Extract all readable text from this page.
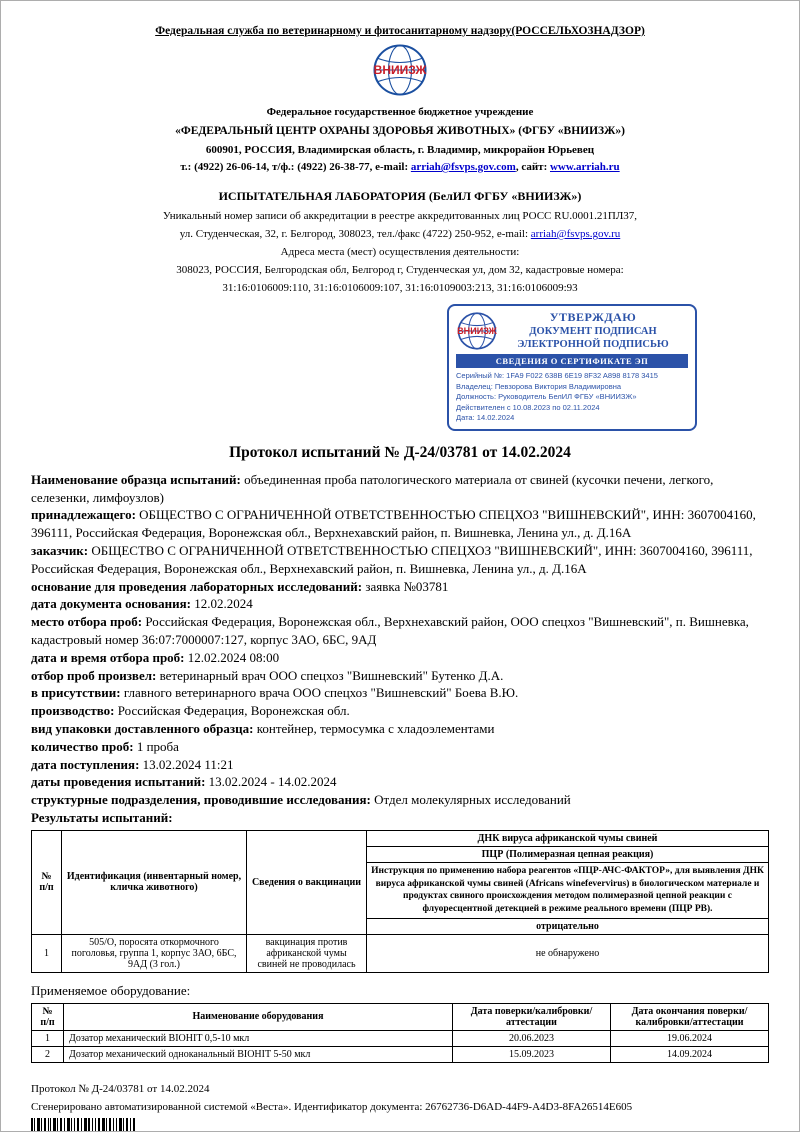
Федеральная служба по ветеринарному и фитосанитарному надзору(РОССЕЛЬХОЗНАДЗОР)
ВНИИЗЖ
Федеральное государственное бюджетное учреждение
«ФЕДЕРАЛЬНЫЙ ЦЕНТР ОХРАНЫ ЗДОРОВЬЯ ЖИВОТНЫХ» (ФГБУ «ВНИИЗЖ»)
600901, РОССИЯ, Владимирская область, г. Владимир, микрорайон Юрьевец
т.: (4922) 26-06-14, т/ф.: (4922) 26-38-77, e-mail: arriah@fsvps.gov.com, сайт: www.arriah.ru
ИСПЫТАТЕЛЬНАЯ ЛАБОРАТОРИЯ (БелИЛ ФГБУ «ВНИИЗЖ»)
Уникальный номер записи об аккредитации в реестре аккредитованных лиц РОСС RU.0001.21ПЛ37,
ул. Студенческая, 32, г. Белгород, 308023, тел./факс (4722) 250-952, e-mail: arriah@fsvps.gov.ru
Адреса места (мест) осуществления деятельности:
308023, РОССИЯ, Белгородская обл, Белгород г, Студенческая ул, дом 32, кадастровые номера:
31:16:0106009:110, 31:16:0106009:107, 31:16:0109003:213, 31:16:0106009:93
ВНИИЗЖ
УТВЕРЖДАЮ
ДОКУМЕНТ ПОДПИСАН
ЭЛЕКТРОННОЙ ПОДПИСЬЮ
СВЕДЕНИЯ О СЕРТИФИКАТЕ ЭП
Серийный №: 1FA9 F022 638B 6E19 8F32 A898 8178 3415
Владелец: Певзорова Виктория Владимировна
Должность: Руководитель БелИЛ ФГБУ «ВНИИЗЖ»
Действителен с 10.08.2023 по 02.11.2024
Дата: 14.02.2024
Протокол испытаний № Д-24/03781 от 14.02.2024

Наименование образца испытаний: объединенная проба патологического материала от свиней (кусочки печени, легкого, селезенки, лимфоузлов)

принадлежащего: ОБЩЕСТВО С ОГРАНИЧЕННОЙ ОТВЕТСТВЕННОСТЬЮ СПЕЦХОЗ "ВИШНЕВСКИЙ", ИНН: 3607004160, 396111, Российская Федерация, Воронежская обл., Верхнехавский район, п. Вишневка, Ленина ул., д. Д.16А

заказчик: ОБЩЕСТВО С ОГРАНИЧЕННОЙ ОТВЕТСТВЕННОСТЬЮ СПЕЦХОЗ "ВИШНЕВСКИЙ", ИНН: 3607004160, 396111, Российская Федерация, Воронежская обл., Верхнехавский район, п. Вишневка, Ленина ул., д. Д.16А

основание для проведения лабораторных исследований: заявка №03781

дата документа основания: 12.02.2024

место отбора проб: Российская Федерация, Воронежская обл., Верхнехавский район, ООО спецхоз "Вишневский", п. Вишневка, кадастровый номер 36:07:7000007:127, корпус 3АО, 6БС, 9АД

дата и время отбора проб: 12.02.2024 08:00

отбор проб произвел: ветеринарный врач ООО спецхоз "Вишневский" Бутенко Д.А.

в присутствии: главного ветеринарного врача ООО спецхоз "Вишневский" Боева В.Ю.

производство: Российская Федерация, Воронежская обл.

вид упаковки доставленного образца: контейнер, термосумка с хладоэлементами

количество проб: 1 проба

дата поступления: 13.02.2024 11:21

даты проведения испытаний: 13.02.2024 - 14.02.2024

структурные подразделения, проводившие исследования: Отдел молекулярных исследований

Результаты испытаний:

№ п/п	Идентификация (инвентарный номер, кличка животного)	Сведения о вакцинации	ДНК вируса африканской чумы свиней
			ПЦР (Полимеразная цепная реакция)
			Инструкция по применению набора реагентов «ПЦР-АЧС-ФАКТОР», для выявления ДНК вируса африканской чумы свиней (Africans winefevervirus) в биологическом материале и продуктах свиного происхождения методом полимеразной цепной реакции с флуоресцентной детекцией в режиме реального времени (ПЦР РВ).
			отрицательно
1	505/О, поросята откормочного поголовья, группа 1, корпус 3АО, 6БС, 9АД (3 гол.)	вакцинация против африканской чумы свиней не проводилась	не обнаружено
Применяемое оборудование:
№ п/п	Наименование оборудования	Дата поверки/калибровки/аттестации	Дата окончания поверки/калибровки/аттестации
1	Дозатор механический BIOHIT 0,5-10 мкл	20.06.2023	19.06.2024
2	Дозатор механический одноканальный BIOHIT 5-50 мкл	15.09.2023	14.09.2024
Протокол № Д-24/03781 от 14.02.2024
Сгенерировано автоматизированной системой «Веста». Идентификатор документа: 26762736-D6AD-44F9-A4D3-8FA26514E605
